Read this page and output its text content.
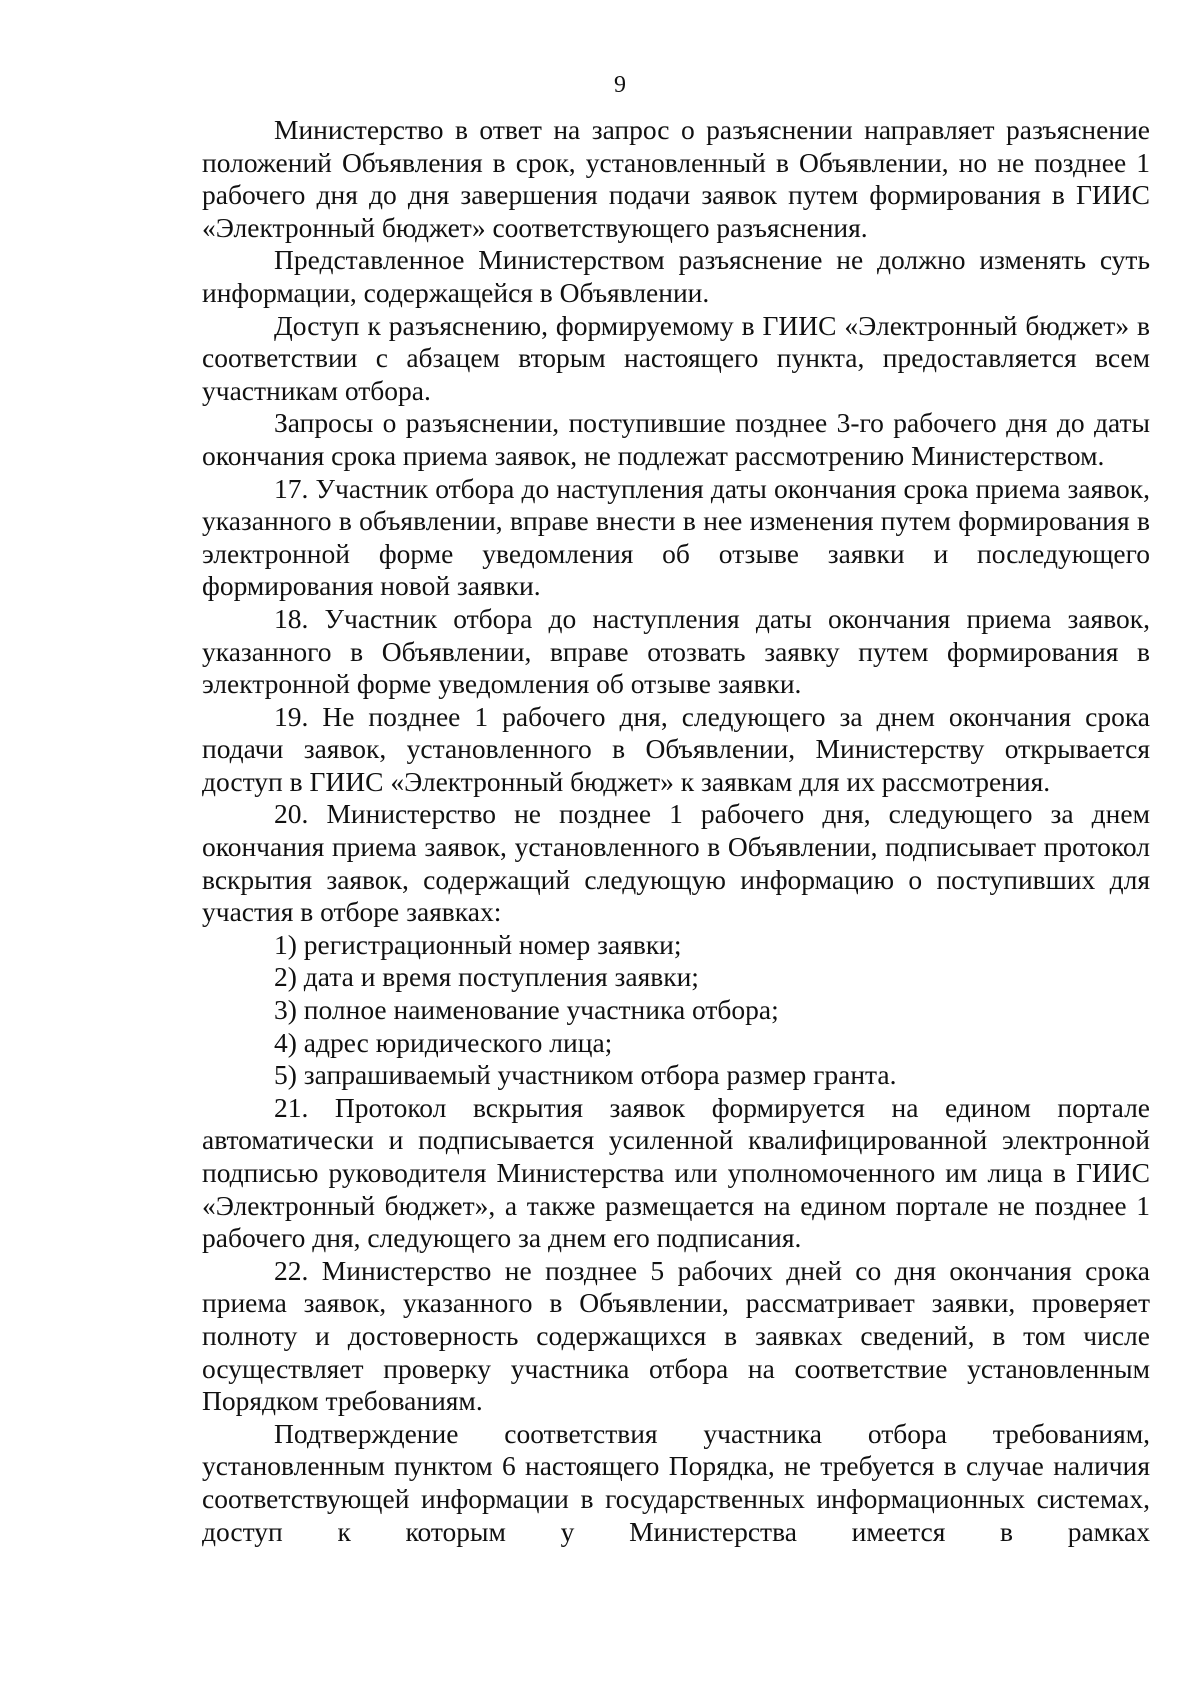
9

Министерство в ответ на запрос о разъяснении направляет разъяснение положений Объявления в срок, установленный в Объявлении, но не позднее 1 рабочего дня до дня завершения подачи заявок путем формирования в ГИИС «Электронный бюджет» соответствующего разъяснения.

Представленное Министерством разъяснение не должно изменять суть информации, содержащейся в Объявлении.

Доступ к разъяснению, формируемому в ГИИС «Электронный бюджет» в соответствии с абзацем вторым настоящего пункта, предоставляется всем участникам отбора.

Запросы о разъяснении, поступившие позднее 3-го рабочего дня до даты окончания срока приема заявок, не подлежат рассмотрению Министерством.

17. Участник отбора до наступления даты окончания срока приема заявок, указанного в объявлении, вправе внести в нее изменения путем формирования в электронной форме уведомления об отзыве заявки и последующего формирования новой заявки.

18. Участник отбора до наступления даты окончания приема заявок, указанного в Объявлении, вправе отозвать заявку путем формирования в электронной форме уведомления об отзыве заявки.

19. Не позднее 1 рабочего дня, следующего за днем окончания срока подачи заявок, установленного в Объявлении, Министерству открывается доступ в ГИИС «Электронный бюджет» к заявкам для их рассмотрения.

20. Министерство не позднее 1 рабочего дня, следующего за днем окончания приема заявок, установленного в Объявлении, подписывает протокол вскрытия заявок, содержащий следующую информацию о поступивших для участия в отборе заявках:

1) регистрационный номер заявки;

2) дата и время поступления заявки;

3) полное наименование участника отбора;

4) адрес юридического лица;

5) запрашиваемый участником отбора размер гранта.

21. Протокол вскрытия заявок формируется на едином портале автоматически и подписывается усиленной квалифицированной электронной подписью руководителя Министерства или уполномоченного им лица в ГИИС «Электронный бюджет», а также размещается на едином портале не позднее 1 рабочего дня, следующего за днем его подписания.

22. Министерство не позднее 5 рабочих дней со дня окончания срока приема заявок, указанного в Объявлении, рассматривает заявки, проверяет полноту и достоверность содержащихся в заявках сведений, в том числе осуществляет проверку участника отбора на соответствие установленным Порядком требованиям.

Подтверждение соответствия участника отбора требованиям, установленным пунктом 6 настоящего Порядка, не требуется в случае наличия соответствующей информации в государственных информационных системах, доступ к которым у Министерства имеется в рамках
